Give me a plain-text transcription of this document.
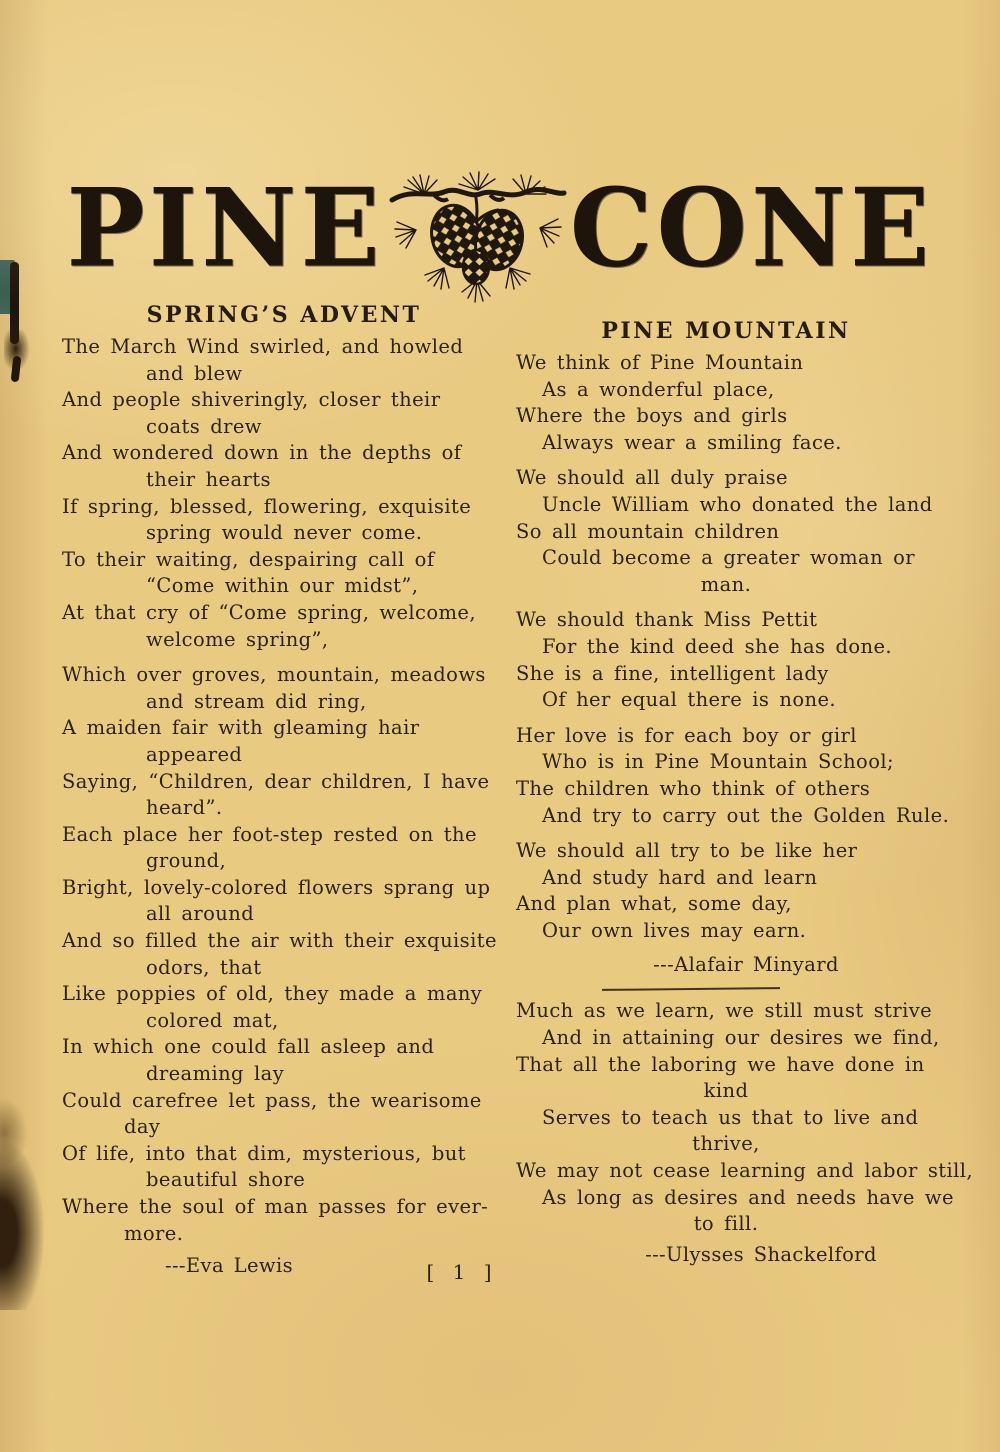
PINE CONE
SPRING’S ADVENT
The March Wind swirled, and howled
and blew
And people shiveringly, closer their
coats drew
And wondered down in the depths of
their hearts
If spring, blessed, flowering, exquisite
spring would never come.
To their waiting, despairing call of
“Come within our midst”,
At that cry of “Come spring, welcome,
welcome spring”,
Which over groves, mountain, meadows
and stream did ring,
A maiden fair with gleaming hair
appeared
Saying, “Children, dear children, I have
heard”.
Each place her foot-step rested on the
ground,
Bright, lovely-colored flowers sprang up
all around
And so filled the air with their exquisite
odors, that
Like poppies of old, they made a many
colored mat,
In which one could fall asleep and
dreaming lay
Could carefree let pass, the wearisome
day
Of life, into that dim, mysterious, but
beautiful shore
Where the soul of man passes for ever-
more.
---Eva Lewis
PINE MOUNTAIN
We think of Pine Mountain
As a wonderful place,
Where the boys and girls
Always wear a smiling face.
We should all duly praise
Uncle William who donated the land
So all mountain children
Could become a greater woman or
man.
We should thank Miss Pettit
For the kind deed she has done.
She is a fine, intelligent lady
Of her equal there is none.
Her love is for each boy or girl
Who is in Pine Mountain School;
The children who think of others
And try to carry out the Golden Rule.
We should all try to be like her
And study hard and learn
And plan what, some day,
Our own lives may earn.
---Alafair Minyard
Much as we learn, we still must strive
And in attaining our desires we find,
That all the laboring we have done in
kind
Serves to teach us that to live and
thrive,
We may not cease learning and labor still,
As long as desires and needs have we
to fill.
---Ulysses Shackelford
[ 1 ]
